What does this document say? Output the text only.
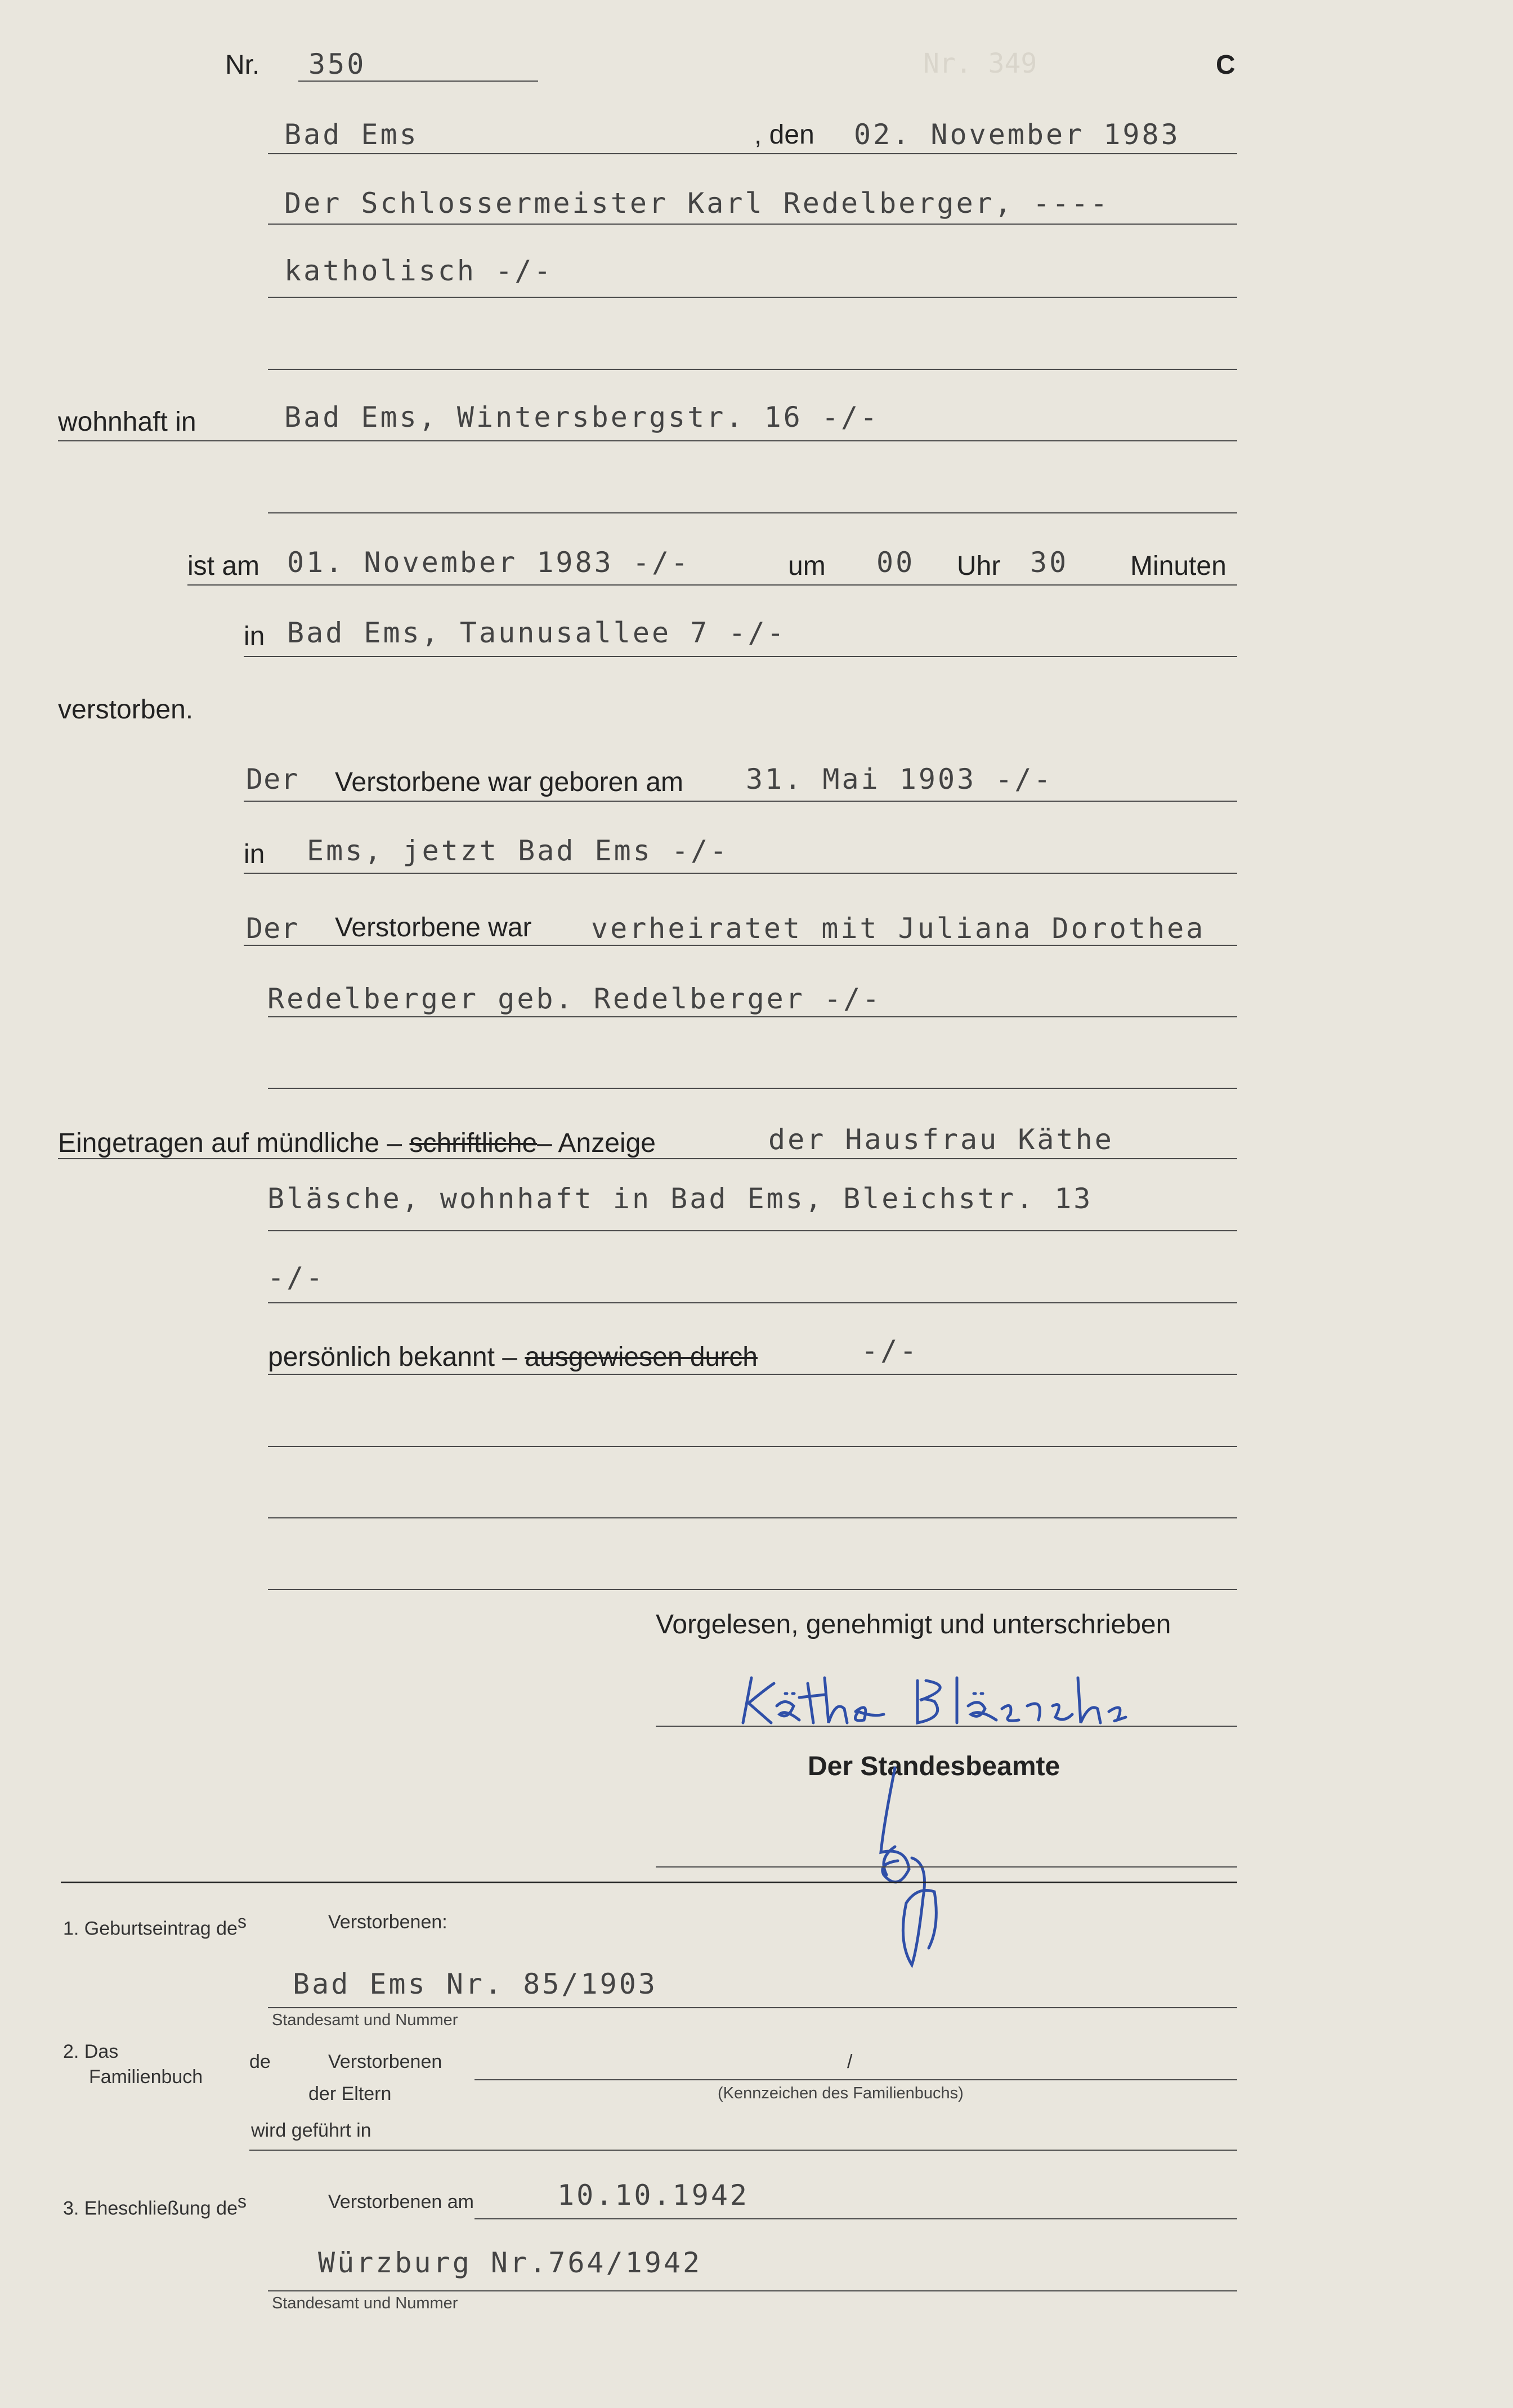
Nr. 349

Nr. 350	C
Bad Ems	, den 02. November 1983
Der Schlossermeister Karl Redelberger, ----
katholisch -/-
wohnhaft in	Bad Ems, Wintersbergstr. 16 -/-
ist am 01. November 1983 -/-	um 00 Uhr 30 Minuten
in Bad Ems, Taunusallee 7 -/-
verstorben.
Der Verstorbene war geboren am 31. Mai 1903 -/-
in Ems, jetzt Bad Ems -/-
Der Verstorbene war verheiratet mit Juliana Dorothea
Redelberger geb. Redelberger -/-
Eingetragen auf mündliche – schriftliche– Anzeige	der Hausfrau Käthe
Bläsche, wohnhaft in Bad Ems, Bleichstr. 13
-/-
persönlich bekannt – ausgewiesen durch	-/-
Vorgelesen, genehmigt und unterschrieben
Der Standesbeamte
1. Geburtseintrag des	Verstorbenen:
Bad Ems Nr. 85/1903
Standesamt und Nummer
2. Das
Familienbuch
de	Verstorbenen	/
der Eltern	(Kennzeichen des Familienbuchs)
wird geführt in
3. Eheschließung des	Verstorbenen am	10.10.1942
Würzburg Nr.764/1942
Standesamt und Nummer
